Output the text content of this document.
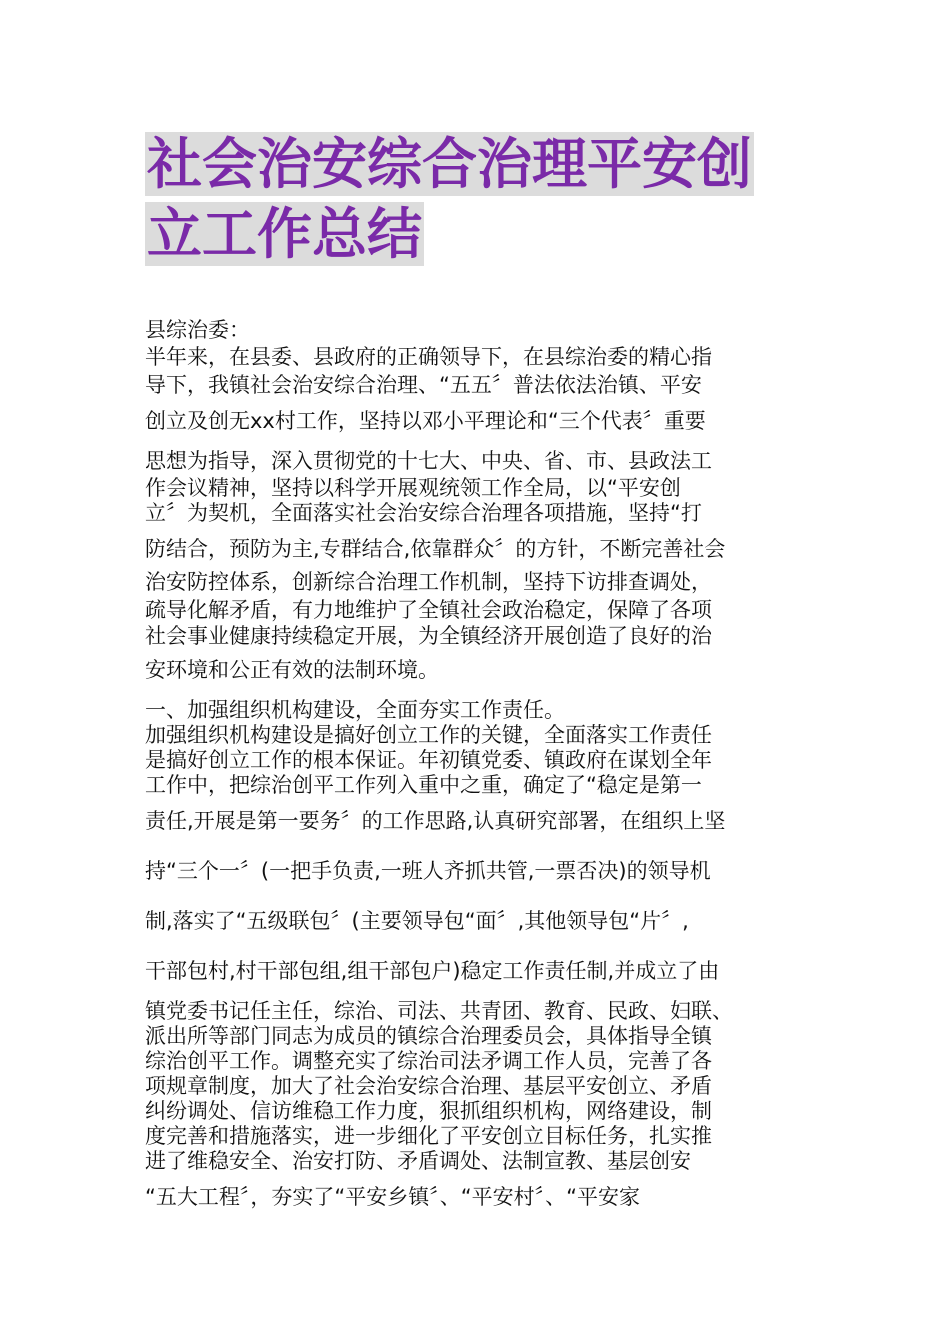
社会治安综合治理平安创
立工作总结
县综治委：
半年来，在县委、县政府的正确领导下，在县综治委的精心指
导下，我镇社会治安综合治理、“五五〞普法依法治镇、平安
创立及创无xx村工作，坚持以邓小平理论和“三个代表〞重要
思想为指导，深入贯彻党的十七大、中央、省、市、县政法工
作会议精神，坚持以科学开展观统领工作全局，以“平安创
立〞为契机，全面落实社会治安综合治理各项措施，坚持“打
防结合，预防为主,专群结合,依靠群众〞的方针，不断完善社会
治安防控体系，创新综合治理工作机制，坚持下访排查调处，
疏导化解矛盾，有力地维护了全镇社会政治稳定，保障了各项
社会事业健康持续稳定开展，为全镇经济开展创造了良好的治
安环境和公正有效的法制环境。
一、加强组织机构建设，全面夯实工作责任。
加强组织机构建设是搞好创立工作的关键，全面落实工作责任
是搞好创立工作的根本保证。年初镇党委、镇政府在谋划全年
工作中，把综治创平工作列入重中之重，确定了“稳定是第一
责任,开展是第一要务〞的工作思路,认真研究部署，在组织上坚
持“三个一〞(一把手负责,一班人齐抓共管,一票否决)的领导机
制,落实了“五级联包〞(主要领导包“面〞,其他领导包“片〞,
干部包村,村干部包组,组干部包户)稳定工作责任制,并成立了由
镇党委书记任主任，综治、司法、共青团、教育、民政、妇联、
派出所等部门同志为成员的镇综合治理委员会，具体指导全镇
综治创平工作。调整充实了综治司法矛调工作人员，完善了各
项规章制度，加大了社会治安综合治理、基层平安创立、矛盾
纠纷调处、信访维稳工作力度，狠抓组织机构，网络建设，制
度完善和措施落实，进一步细化了平安创立目标任务，扎实推
进了维稳安全、治安打防、矛盾调处、法制宣教、基层创安
“五大工程〞，夯实了“平安乡镇〞、“平安村〞、“平安家
